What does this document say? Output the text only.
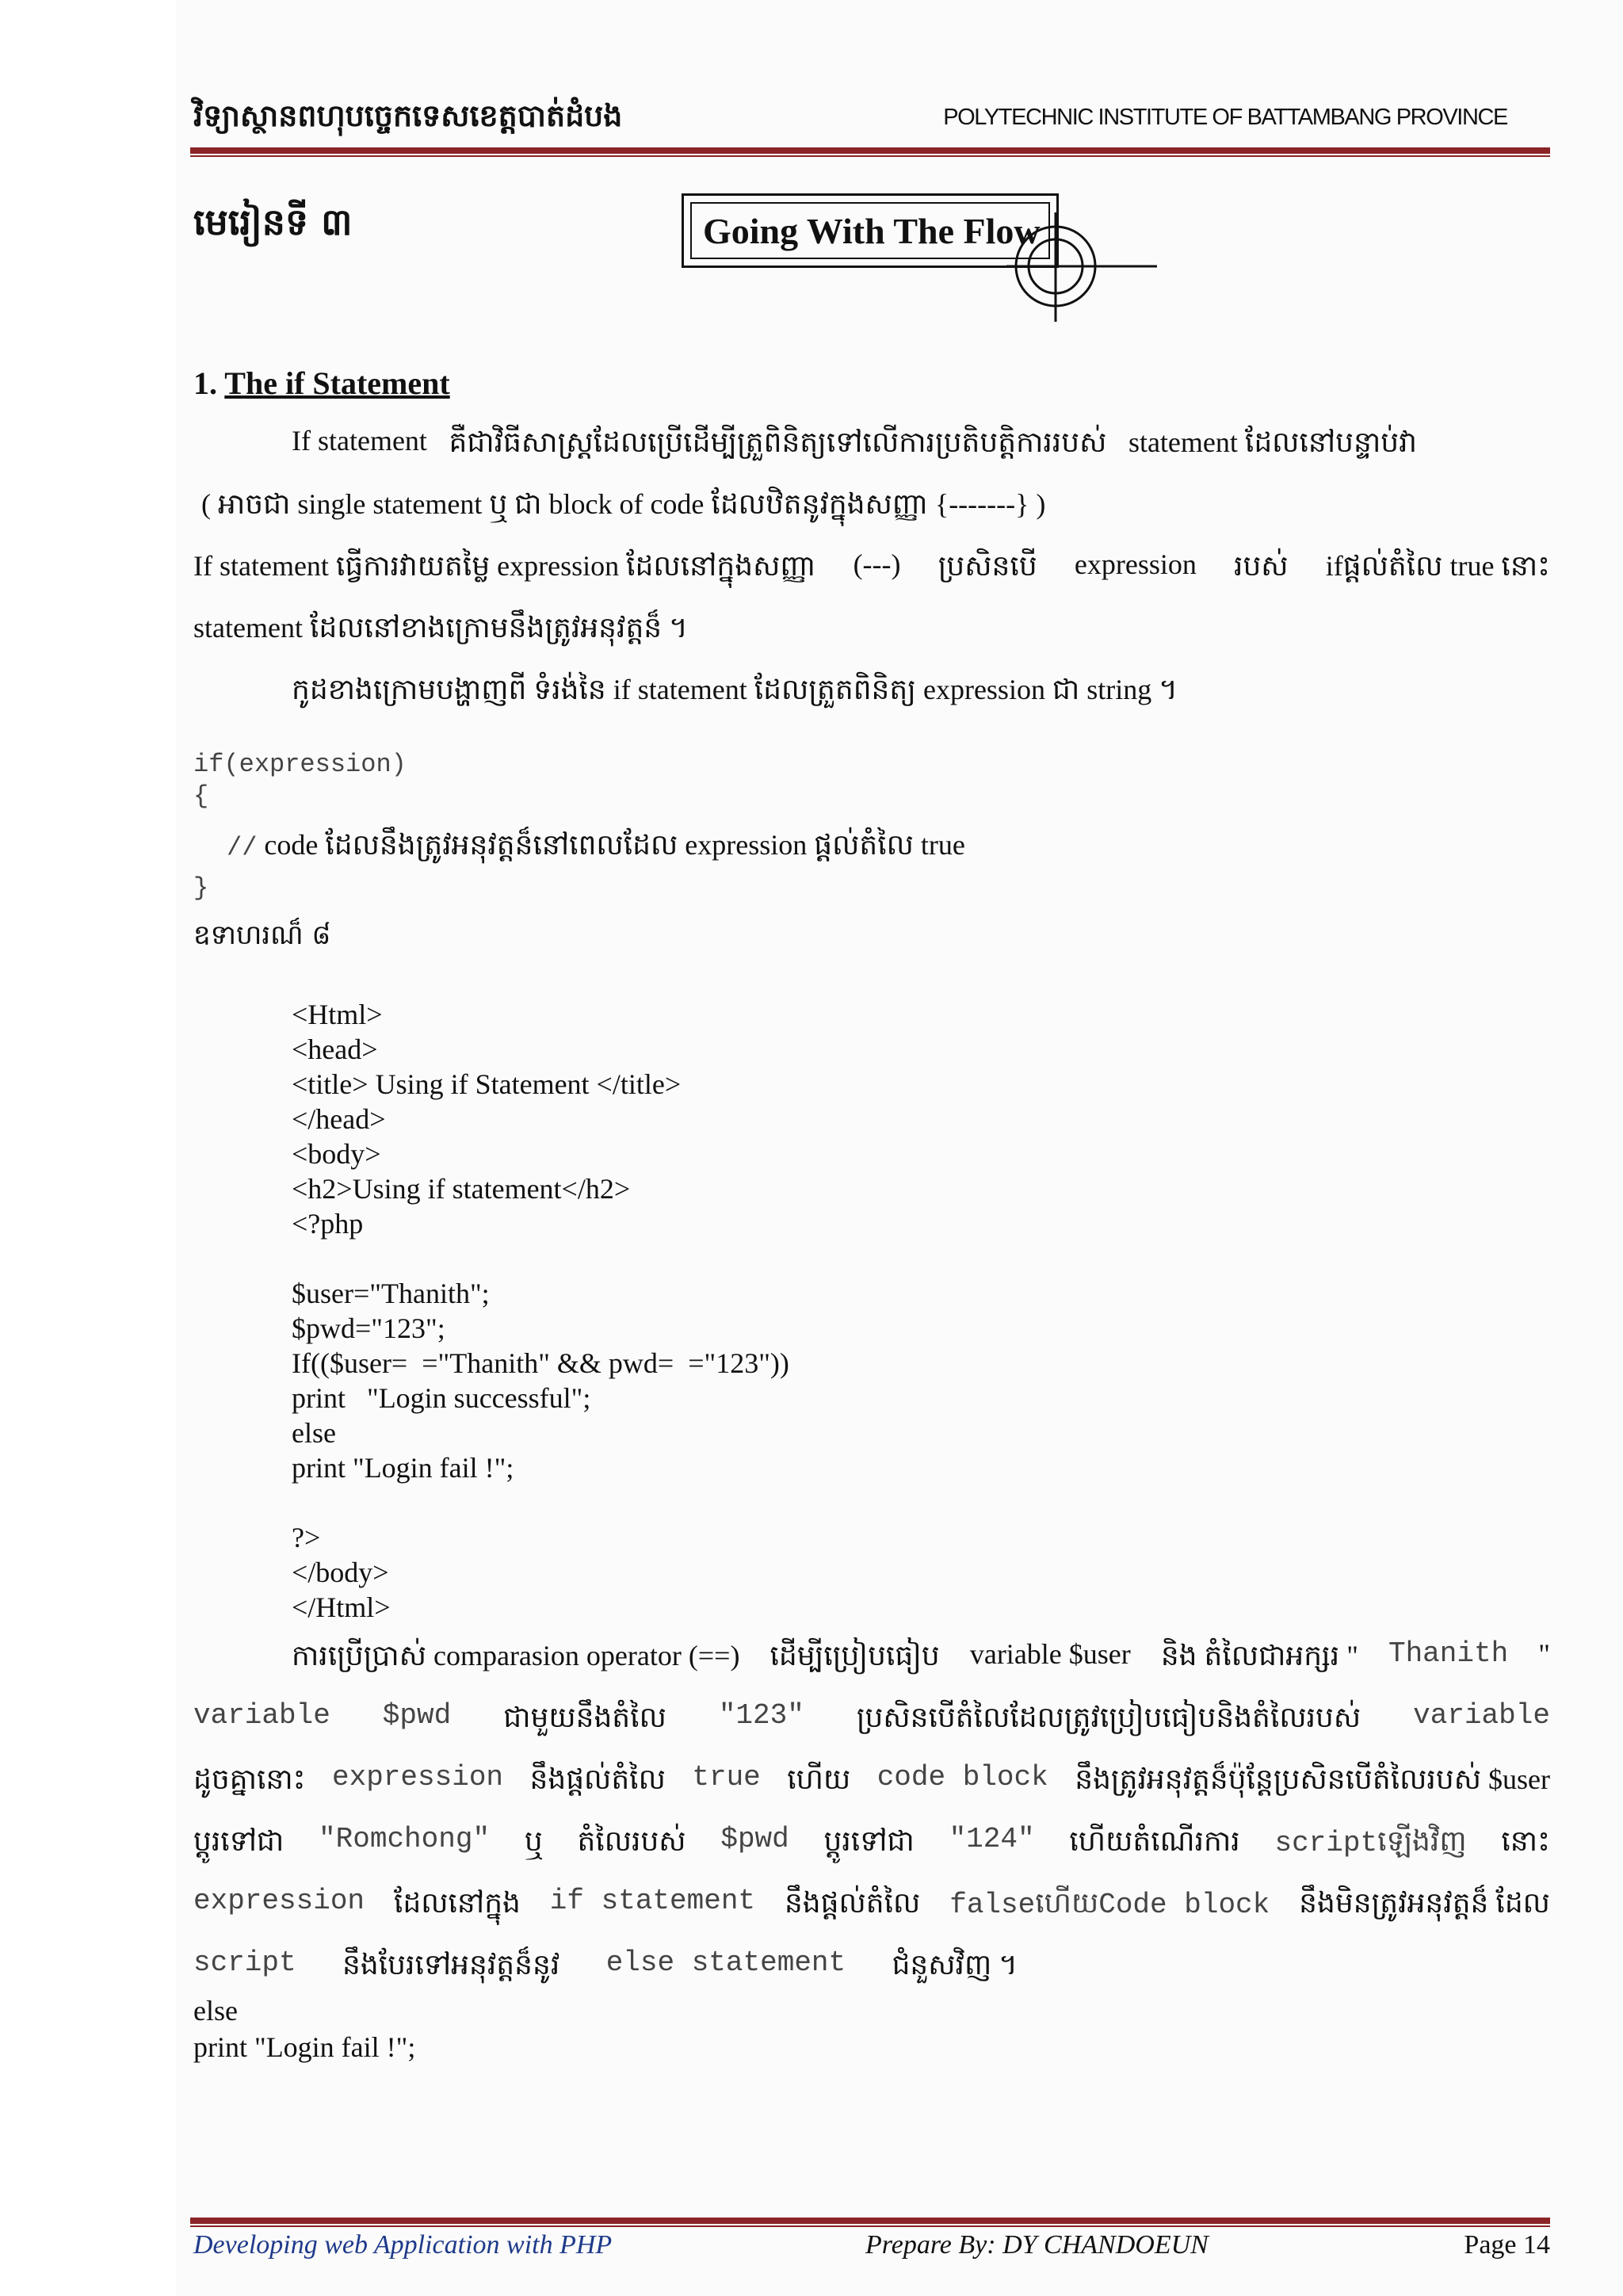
វិទ្យាស្ថានពហុបច្ចេកទេសខេត្តបាត់ដំបង	POLYTECHNIC INSTITUTE OF BATTAMBANG PROVINCE
មេរៀនទី ៣	Going With The Flow
1. The if Statement
If statement គឺជាវិធីសាស្ត្រដែលប្រើដើម្បីត្រួពិនិត្យទៅលើការប្រតិបត្តិការរបស់ statement ដែលនៅបន្ទាប់វា
( អាចជា single statement ឬ ជា block of code ដែលឋិតនូវក្នុងសញ្ញា {-------} )
If statement ធ្វើការវាយតម្លៃ expression ដែលនៅក្នុងសញ្ញា (---) ប្រសិនបើ expression របស់ ifផ្តល់តំលៃ true នោះ
statement ដែលនៅខាងក្រោមនឹងត្រូវអនុវត្តន៏ ។
កូដខាងក្រោមបង្ហាញពី ទំរង់នៃ if statement ដែលត្រួតពិនិត្យ expression ជា string ។
if(expression)
{
// code ដែលនឹងត្រូវអនុវត្តន៏នៅពេលដែល expression ផ្តល់តំលៃ true
}
ឧទាហរណ៏ ៨
<Html>
<head>
<title> Using if Statement </title>
</head>
<body>
<h2>Using if statement</h2>
<?php
$user="Thanith";
$pwd="123";
If(($user=  ="Thanith" && pwd=  ="123"))
print   "Login successful";
else
print "Login fail !";
?>
</body>
</Html>
ការប្រើប្រាស់ comparasion operator (==) ដើម្បីប្រៀបធៀប variable $user និង តំលៃជាអក្សរ " Thanith "
variable $pwd ជាមួយនឹងតំលៃ "123" ប្រសិនបើតំលៃដែលត្រូវប្រៀបធៀបនិងតំលៃរបស់ variable
ដូចគ្នានោះ expression នឹងផ្តល់តំលៃ true ហើយ code block នឹងត្រូវអនុវត្តន៏ប៉ុន្តែប្រសិនបើតំលៃរបស់ $user
ប្តូរទៅជា "Romchong" ឬ តំលៃរបស់ $pwd ប្តូរទៅជា "124" ហើយតំណើរការ scriptឡើងវិញ នោះ
expression ដែលនៅក្នុង if statement នឹងផ្តល់តំលៃ falseហើយCode block នឹងមិនត្រូវអនុវត្តន៏ ដែល
script នឹងបែរទៅអនុវត្តន៏នូវ else statement ជំនួសវិញ ។
else
print "Login fail !";
Developing web Application with PHP	Prepare By: DY CHANDOEUN	Page 14
